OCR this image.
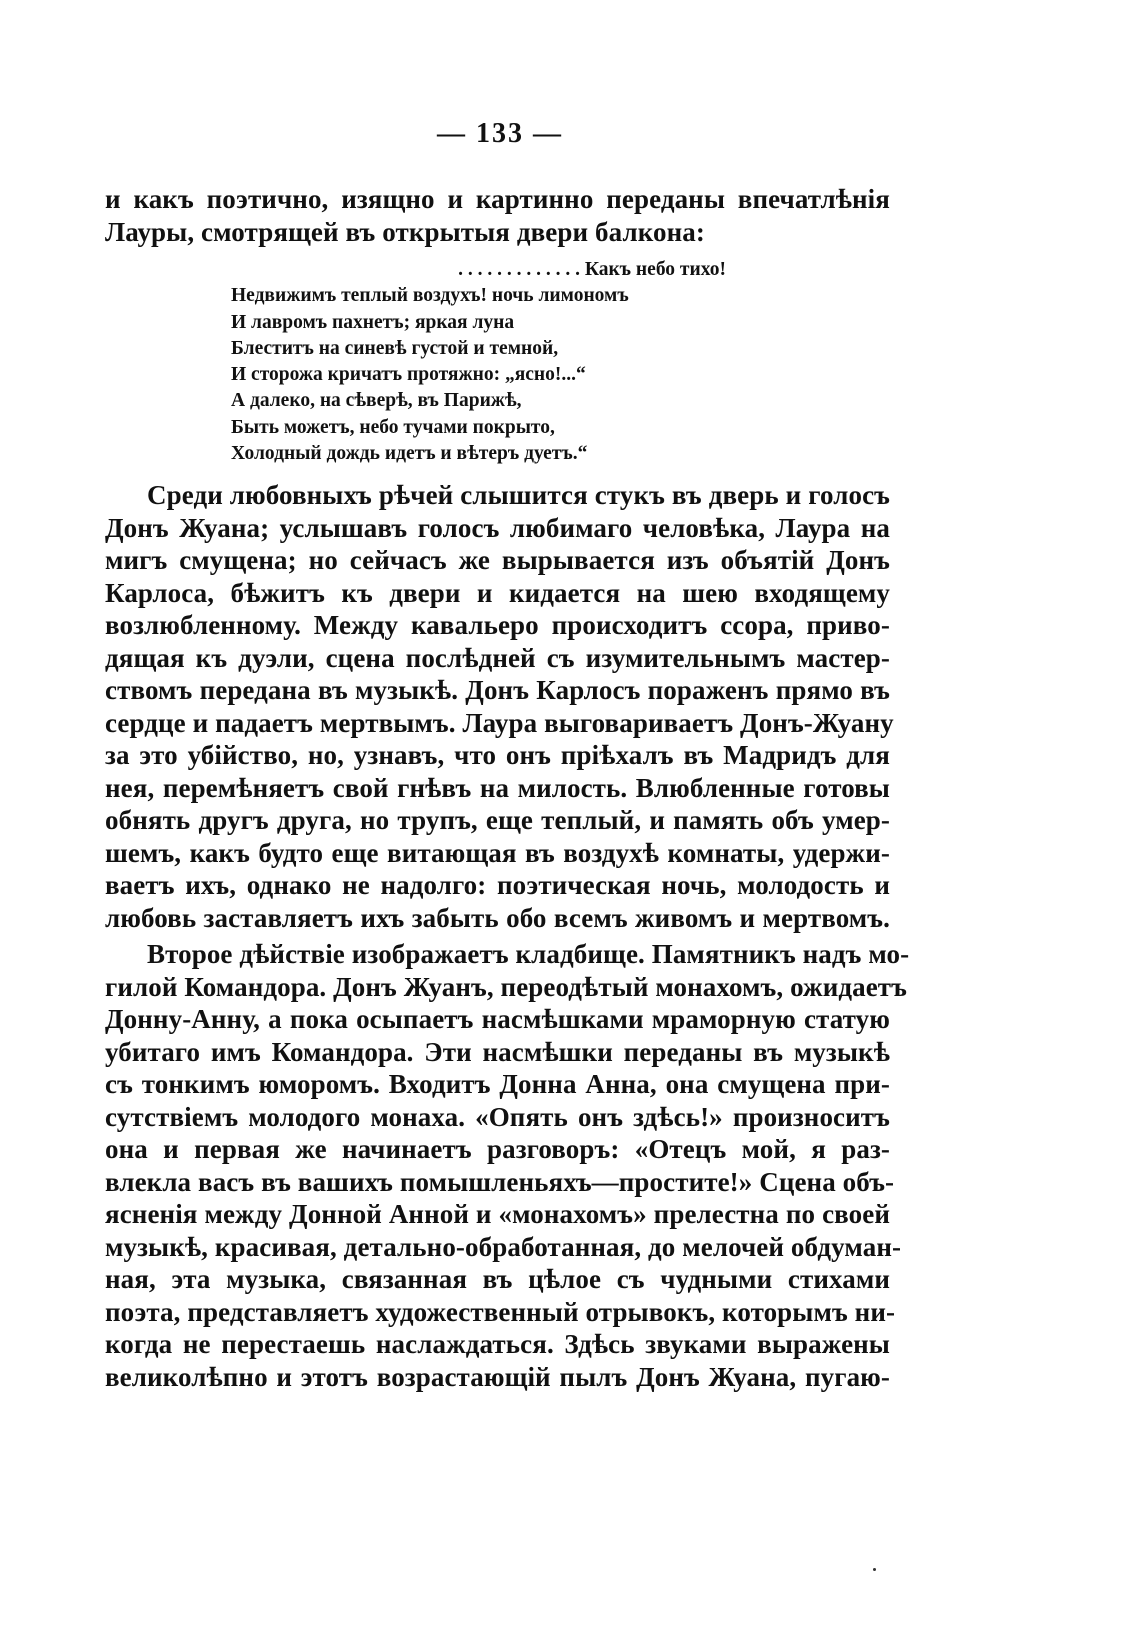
— 133 —
и какъ поэтично, изящно и картинно переданы впечатлѣнія
Лауры, смотрящей въ открытыя двери балкона:
. . . . . . . . . . . . . Какъ небо тихо!
Недвижимъ теплый воздухъ! ночь лимономъ
И лавромъ пахнетъ; яркая луна
Блеститъ на синевѣ густой и темной,
И сторожа кричатъ протяжно: „ясно!...“
А далеко, на сѣверѣ, въ Парижѣ,
Быть можетъ, небо тучами покрыто,
Холодный дождь идетъ и вѣтеръ дуетъ.“
Среди любовныхъ рѣчей слышится стукъ въ дверь и голосъ
Донъ Жуана; услышавъ голосъ любимаго человѣка, Лаура на
мигъ смущена; но сейчасъ же вырывается изъ объятій Донъ
Карлоса, бѣжитъ къ двери и кидается на шею входящему
возлюбленному. Между кавальеро происходитъ ссора, приво-
дящая къ дуэли, сцена послѣдней съ изумительнымъ мастер-
ствомъ передана въ музыкѣ. Донъ Карлосъ пораженъ прямо въ
сердце и падаетъ мертвымъ. Лаура выговариваетъ Донъ-Жуану
за это убійство, но, узнавъ, что онъ пріѣхалъ въ Мадридъ для
нея, перемѣняетъ свой гнѣвъ на милость. Влюбленные готовы
обнять другъ друга, но трупъ, еще теплый, и память объ умер-
шемъ, какъ будто еще витающая въ воздухѣ комнаты, удержи-
ваетъ ихъ, однако не надолго: поэтическая ночь, молодость и
любовь заставляетъ ихъ забыть обо всемъ живомъ и мертвомъ.
Второе дѣйствіе изображаетъ кладбище. Памятникъ надъ мо-
гилой Командора. Донъ Жуанъ, переодѣтый монахомъ, ожидаетъ
Донну-Анну, а пока осыпаетъ насмѣшками мраморную статую
убитаго имъ Командора. Эти насмѣшки переданы въ музыкѣ
съ тонкимъ юморомъ. Входитъ Донна Анна, она смущена при-
сутствіемъ молодого монаха. «Опять онъ здѣсь!» произноситъ
она и первая же начинаетъ разговоръ: «Отецъ мой, я раз-
влекла васъ въ вашихъ помышленьяхъ—простите!» Сцена объ-
ясненія между Донной Анной и «монахомъ» прелестна по своей
музыкѣ, красивая, детально-обработанная, до мелочей обдуман-
ная, эта музыка, связанная въ цѣлое съ чудными стихами
поэта, представляетъ художественный отрывокъ, которымъ ни-
когда не перестаешь наслаждаться. Здѣсь звуками выражены
великолѣпно и этотъ возрастающій пылъ Донъ Жуана, пугаю-
